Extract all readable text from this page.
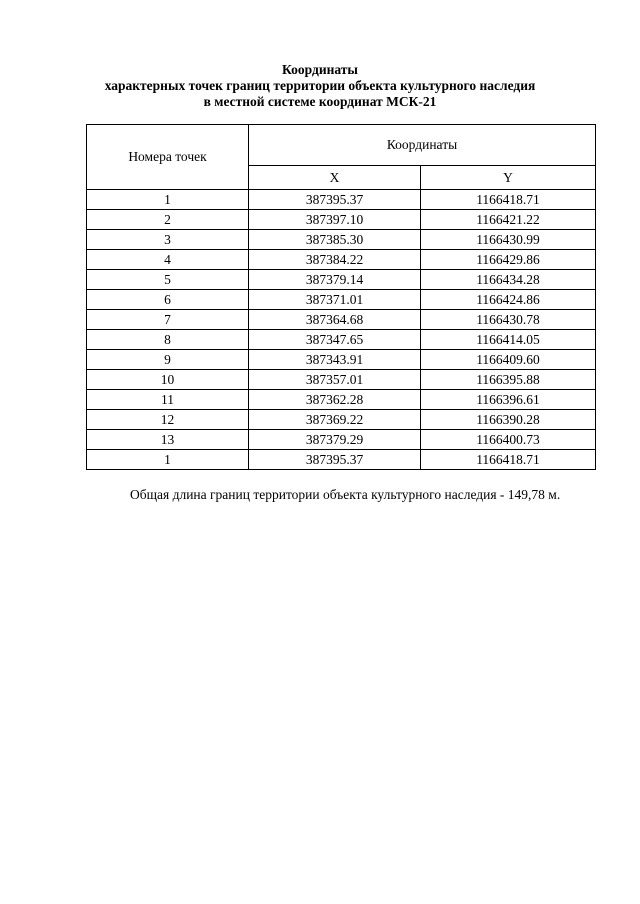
Координаты
характерных точек границ территории объекта культурного наследия
в местной системе координат МСК-21
Номера точек	Координаты	
	X	Y
1	387395.37	1166418.71
2	387397.10	1166421.22
3	387385.30	1166430.99
4	387384.22	1166429.86
5	387379.14	1166434.28
6	387371.01	1166424.86
7	387364.68	1166430.78
8	387347.65	1166414.05
9	387343.91	1166409.60
10	387357.01	1166395.88
11	387362.28	1166396.61
12	387369.22	1166390.28
13	387379.29	1166400.73
1	387395.37	1166418.71
Общая длина границ территории объекта культурного наследия - 149,78 м.
